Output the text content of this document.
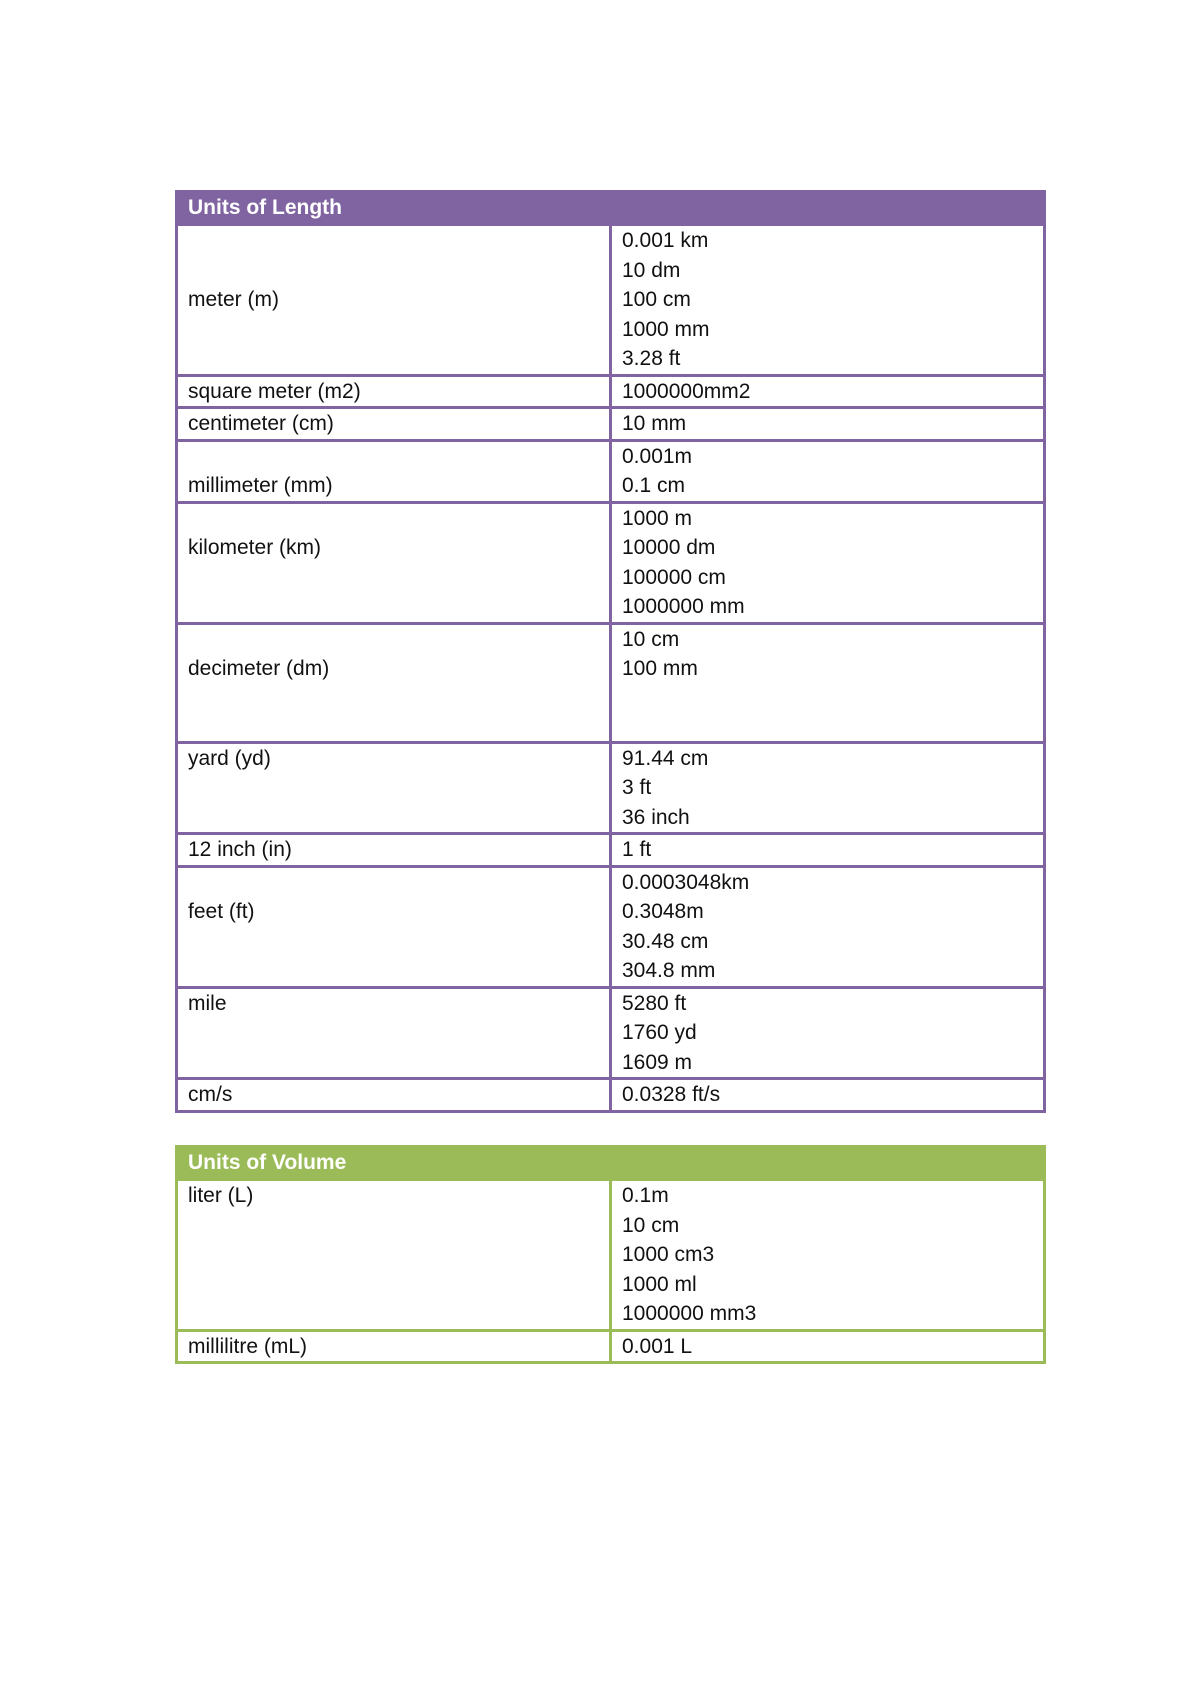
Units of Length	
meter (m)	0.001 km
10 dm
100 cm
1000 mm
3.28 ft

square meter (m2)	1000000mm2

centimeter (cm)	10 mm

millimeter (mm)	0.001m
0.1 cm

kilometer (km)	1000 m
10000 dm
100000 cm
1000000 mm

decimeter (dm)	10 cm
100 mm

yard (yd)	91.44 cm
3 ft
36 inch

12 inch (in)	1 ft

feet (ft)	0.0003048km
0.3048m
30.48 cm
304.8 mm

mile	5280 ft
1760 yd
1609 m

cm/s	0.0328 ft/s
Units of Volume	
liter (L)	0.1m
10 cm
1000 cm3
1000 ml
1000000 mm3

millilitre (mL)	0.001 L
